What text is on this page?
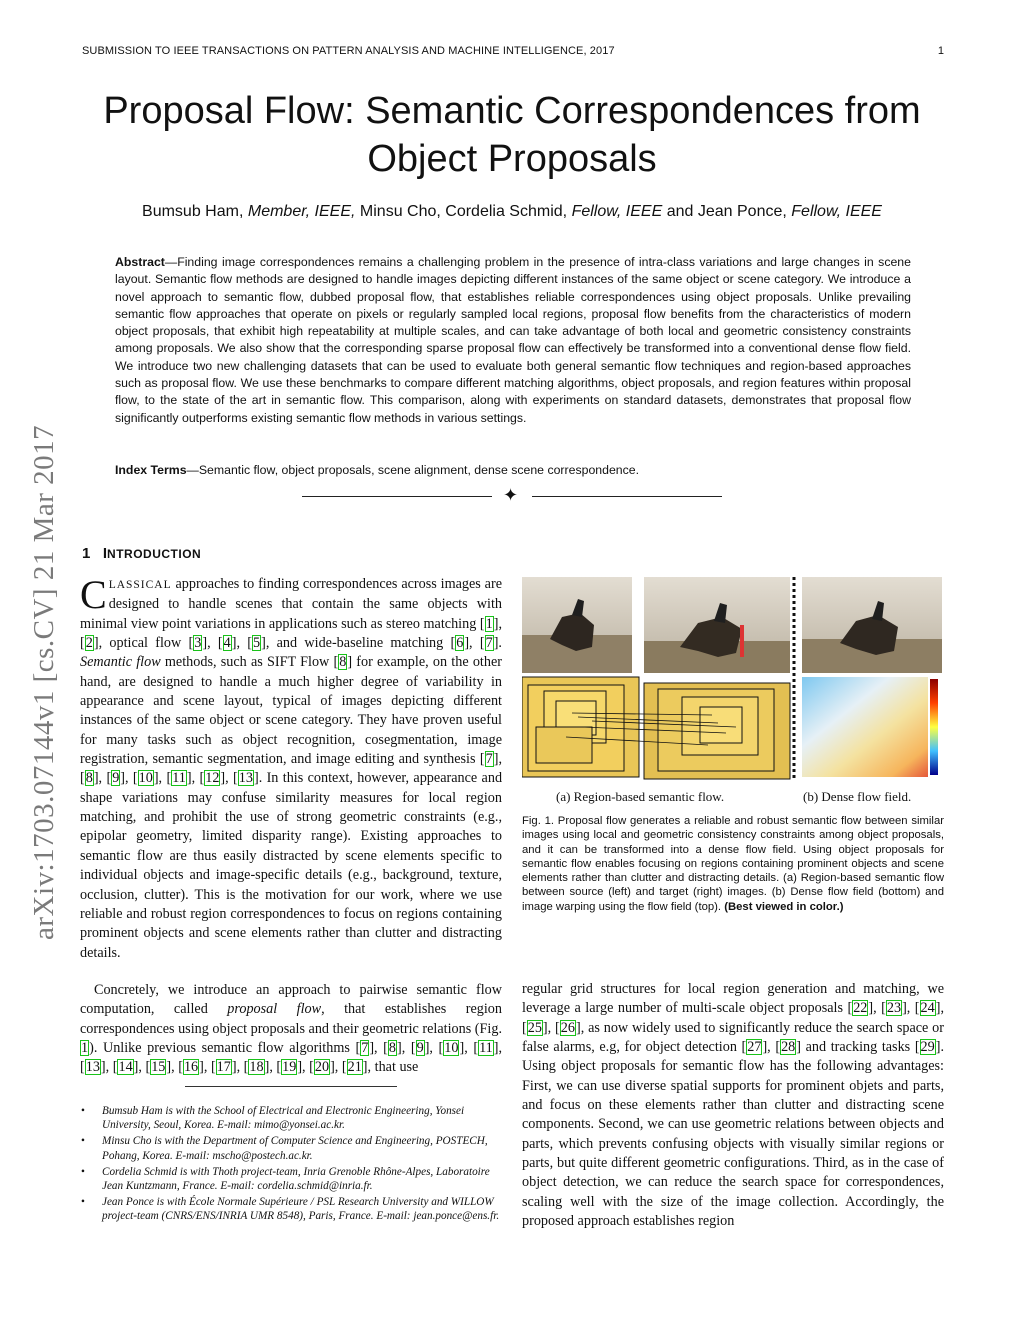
SUBMISSION TO IEEE TRANSACTIONS ON PATTERN ANALYSIS AND MACHINE INTELLIGENCE, 2017	1
Proposal Flow: Semantic Correspondences from
Object Proposals
Bumsub Ham, Member, IEEE, Minsu Cho, Cordelia Schmid, Fellow, IEEE and Jean Ponce, Fellow, IEEE
Abstract—Finding image correspondences remains a challenging problem in the presence of intra-class variations and large changes in scene layout. Semantic flow methods are designed to handle images depicting different instances of the same object or scene category. We introduce a novel approach to semantic flow, dubbed proposal flow, that establishes reliable correspondences using object proposals. Unlike prevailing semantic flow approaches that operate on pixels or regularly sampled local regions, proposal flow benefits from the characteristics of modern object proposals, that exhibit high repeatability at multiple scales, and can take advantage of both local and geometric consistency constraints among proposals. We also show that the corresponding sparse proposal flow can effectively be transformed into a conventional dense flow field. We introduce two new challenging datasets that can be used to evaluate both general semantic flow techniques and region-based approaches such as proposal flow. We use these benchmarks to compare different matching algorithms, object proposals, and region features within proposal flow, to the state of the art in semantic flow. This comparison, along with experiments on standard datasets, demonstrates that proposal flow significantly outperforms existing semantic flow methods in various settings.
Index Terms—Semantic flow, object proposals, scene alignment, dense scene correspondence.
✦
arXiv:1703.07144v1 [cs.CV] 21 Mar 2017 1 INTRODUCTION
CLASSICAL approaches to finding correspondences across images are designed to handle scenes that contain the same objects with minimal view point variations in applications such as stereo matching [1], [2], optical flow [3], [4], [5], and wide-baseline matching [6], [7]. Semantic flow methods, such as SIFT Flow [8] for example, on the other hand, are designed to handle a much higher degree of variability in appearance and scene layout, typical of images depicting different instances of the same object or scene category. They have proven useful for many tasks such as object recognition, cosegmentation, image registration, semantic segmentation, and image editing and synthesis [7], [8], [9], [10], [11], [12], [13]. In this context, however, appearance and shape variations may confuse similarity measures for local region matching, and prohibit the use of strong geometric constraints (e.g., epipolar geometry, limited disparity range). Existing approaches to semantic flow are thus easily distracted by scene elements specific to individual objects and image-specific details (e.g., background, texture, occlusion, clutter). This is the motivation for our work, where we use reliable and robust region correspondences to focus on regions containing prominent objects and scene elements rather than clutter and distracting details.
Concretely, we introduce an approach to pairwise semantic flow computation, called proposal flow, that establishes region correspondences using object proposals and their geometric relations (Fig. 1). Unlike previous semantic flow algorithms [7], [8], [9], [10], [11], [13], [14], [15], [16], [17], [18], [19], [20], [21], that use
• Bumsub Ham is with the School of Electrical and Electronic Engineering, Yonsei University, Seoul, Korea. E-mail: mimo@yonsei.ac.kr.
• Minsu Cho is with the Department of Computer Science and Engineering, POSTECH, Pohang, Korea. E-mail: mscho@postech.ac.kr.
• Cordelia Schmid is with Thoth project-team, Inria Grenoble Rhône-Alpes, Laboratoire Jean Kuntzmann, France. E-mail: cordelia.schmid@inria.fr.
• Jean Ponce is with École Normale Supérieure / PSL Research University and WILLOW project-team (CNRS/ENS/INRIA UMR 8548), Paris, France. E-mail: jean.ponce@ens.fr.
(a) Region-based semantic flow.	(b) Dense flow field.
Fig. 1. Proposal flow generates a reliable and robust semantic flow between similar images using local and geometric consistency constraints among object proposals, and it can be transformed into a dense flow field. Using object proposals for semantic flow enables focusing on regions containing prominent objects and scene elements rather than clutter and distracting details. (a) Region-based semantic flow between source (left) and target (right) images. (b) Dense flow field (bottom) and image warping using the flow field (top). (Best viewed in color.)
regular grid structures for local region generation and matching, we leverage a large number of multi-scale object proposals [22], [23], [24], [25], [26], as now widely used to significantly reduce the search space or false alarms, e.g, for object detection [27], [28] and tracking tasks [29]. Using object proposals for semantic flow has the following advantages: First, we can use diverse spatial supports for prominent objets and parts, and focus on these elements rather than clutter and distracting scene components. Second, we can use geometric relations between objects and parts, which prevents confusing objects with visually similar regions or parts, but quite different geometric configurations. Third, as in the case of object detection, we can reduce the search space for correspondences, scaling well with the size of the image collection. Accordingly, the proposed approach establishes region
